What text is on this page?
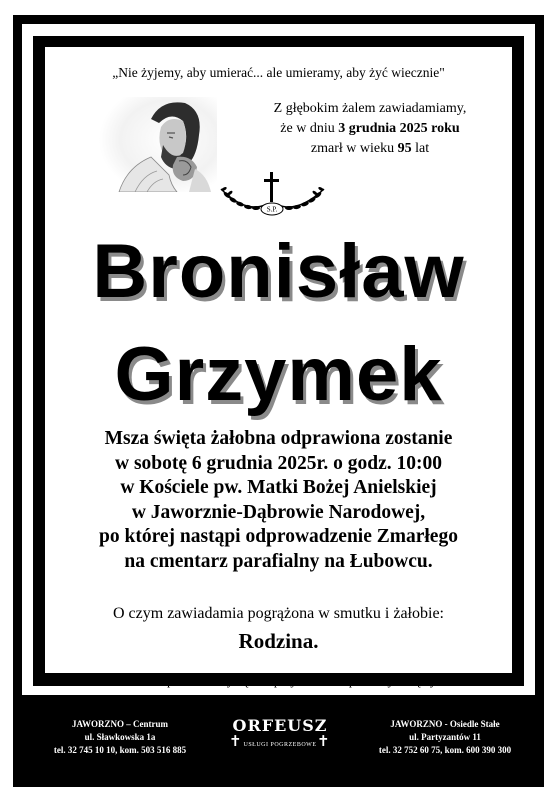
„Nie żyjemy, aby umierać... ale umieramy, aby żyć wiecznie"
Z głębokim żalem zawiadamiamy,
że w dniu 3 grudnia 2025 roku
zmarł w wieku 95 lat
S.P.
Bronisław
Grzymek
Msza święta żałobna odprawiona zostanie
w sobotę 6 grudnia 2025r. o godz. 10:00
w Kościele pw. Matki Bożej Anielskiej
w Jaworznie-Dąbrowie Narodowej,
po której nastąpi odprowadzenie Zmarłego
na cmentarz parafialny na Łubowcu.
O czym zawiadamia pogrążona w smutku i żałobie:
Rodzina.
Autobus podstawiony będzie przy Kościele po Mszy świętej.
JAWORZNO – Centrum
ul. Sławkowska 1a
tel. 32 745 10 10, kom. 503 516 885	✝
ORFEUSZ
USŁUGI POGRZEBOWE ✝
JAWORZNO - Osiedle Stałe
ul. Partyzantów 11
tel. 32 752 60 75, kom. 600 390 300
